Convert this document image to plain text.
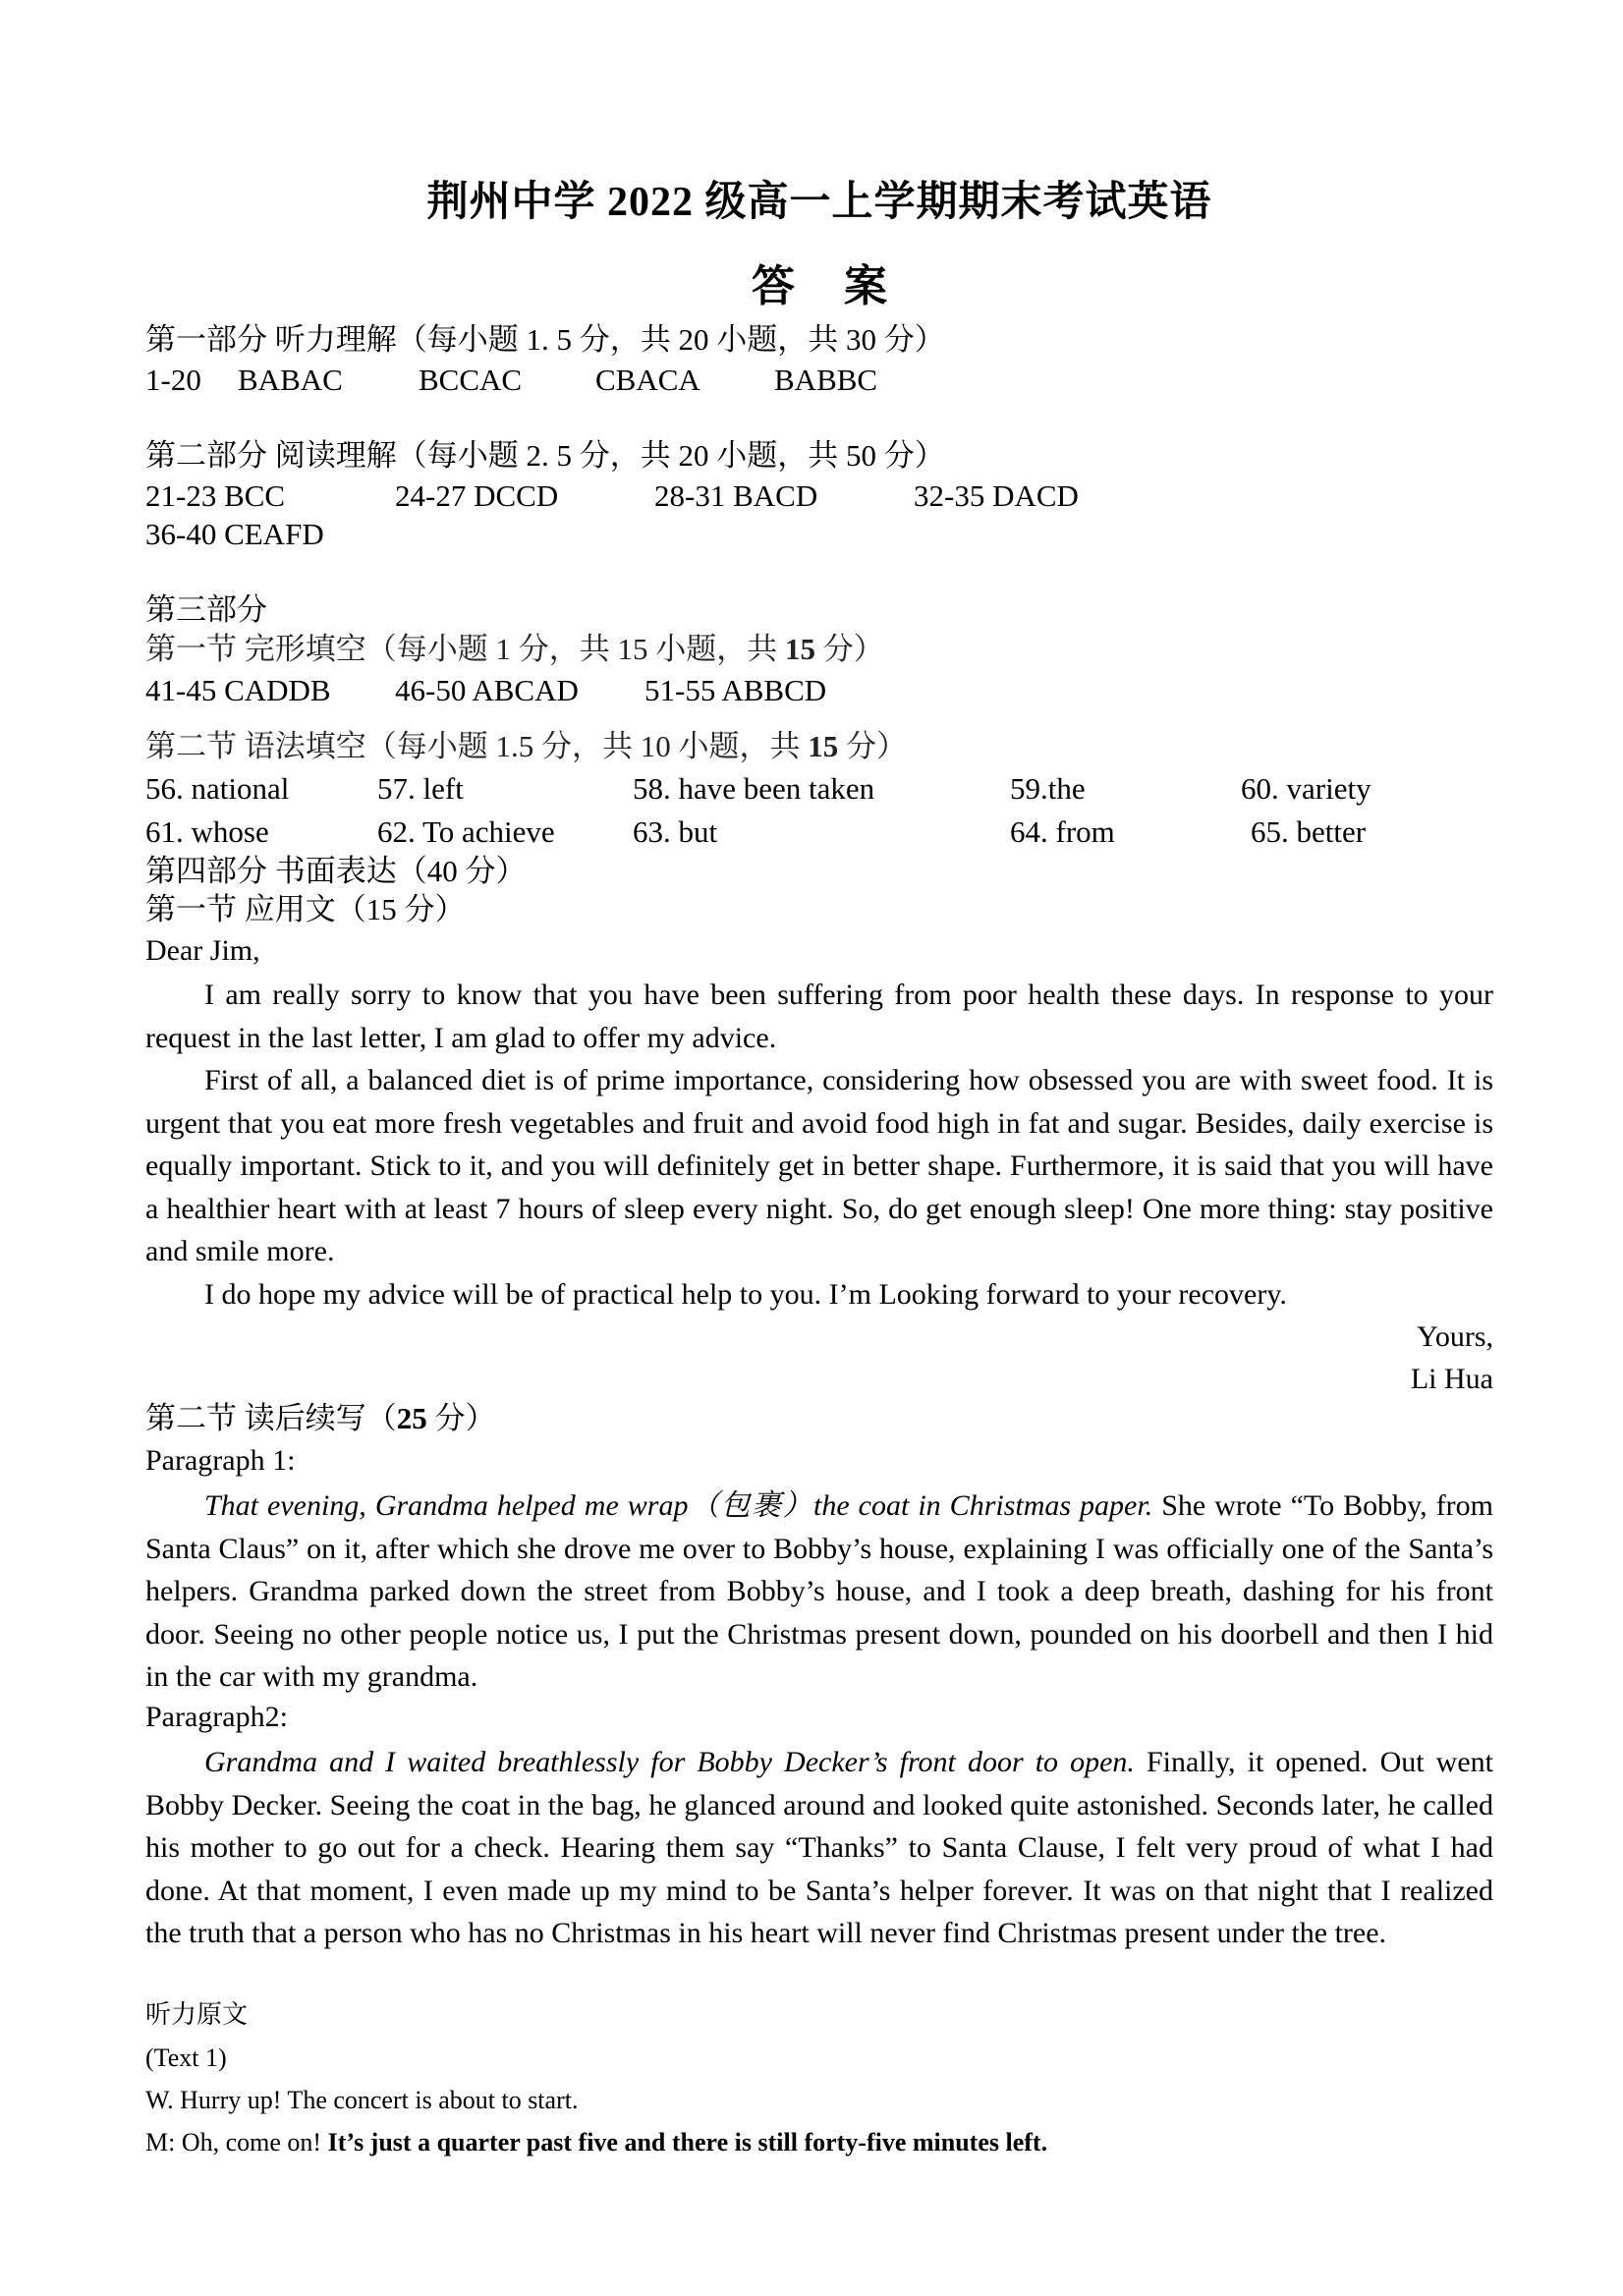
荆州中学 2022 级高一上学期期末考试英语
答案
第一部分 听力理解（每小题 1. 5 分，共 20 小题，共 30 分）
1-20 BABAC BCCAC CBACA BABBC
第二部分 阅读理解（每小题 2. 5 分，共 20 小题，共 50 分）
21-23 BCC	24-27 DCCD	28-31 BACD	32-35 DACD
36-40 CEAFD
第三部分
第一节 完形填空（每小题 1 分，共 15 小题，共 15 分）
41-45 CADDB 46-50 ABCAD 51-55 ABBCD
第二节 语法填空（每小题 1.5 分，共 10 小题，共 15 分）
56. national	57. left	58. have been taken	59.the	60. variety
61. whose	62. To achieve	63. but	64. from	65. better
第四部分 书面表达（40 分）
第一节 应用文（15 分）
Dear Jim,
I am really sorry to know that you have been suffering from poor health these days. In response to your request in the last letter, I am glad to offer my advice.
First of all, a balanced diet is of prime importance, considering how obsessed you are with sweet food. It is urgent that you eat more fresh vegetables and fruit and avoid food high in fat and sugar. Besides, daily exercise is equally important. Stick to it, and you will definitely get in better shape. Furthermore, it is said that you will have a healthier heart with at least 7 hours of sleep every night. So, do get enough sleep! One more thing: stay positive and smile more.
I do hope my advice will be of practical help to you. I’m Looking forward to your recovery.
Yours,
Li Hua
第二节 读后续写（25 分）
Paragraph 1:
That evening, Grandma helped me wrap（包裹）the coat in Christmas paper. She wrote “To Bobby, from Santa Claus” on it, after which she drove me over to Bobby’s house, explaining I was officially one of the Santa’s helpers. Grandma parked down the street from Bobby’s house, and I took a deep breath, dashing for his front door. Seeing no other people notice us, I put the Christmas present down, pounded on his doorbell and then I hid in the car with my grandma.
Paragraph2:
Grandma and I waited breathlessly for Bobby Decker’s front door to open. Finally, it opened. Out went Bobby Decker. Seeing the coat in the bag, he glanced around and looked quite astonished. Seconds later, he called his mother to go out for a check. Hearing them say “Thanks” to Santa Clause, I felt very proud of what I had done. At that moment, I even made up my mind to be Santa’s helper forever. It was on that night that I realized the truth that a person who has no Christmas in his heart will never find Christmas present under the tree.
听力原文
(Text 1)
W. Hurry up! The concert is about to start.
M: Oh, come on! It’s just a quarter past five and there is still forty-five minutes left.
